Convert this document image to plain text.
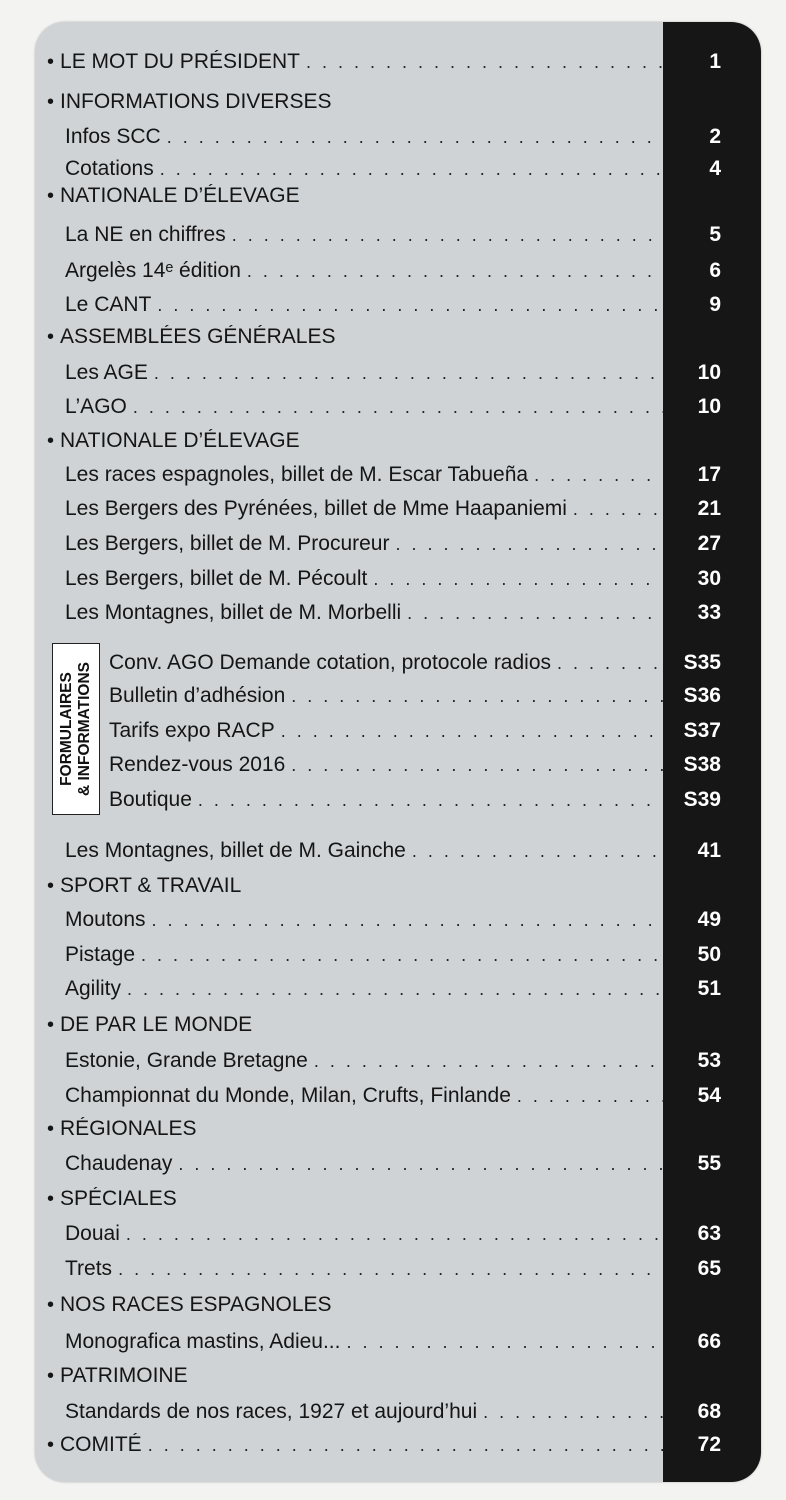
• LE MOT DU PRÉSIDENT . . .	1
• INFORMATIONS DIVERSES
Infos SCC . . .	2
Cotations . . .	4
• NATIONALE D’ÉLEVAGE
La NE en chiffres . . .	5
Argelès 14ᵉ édition . . .	6
Le CANT . . .	9
• ASSEMBLÉES GÉNÉRALES
Les AGE . . .	10
L’AGO . . .	10
• NATIONALE D’ÉLEVAGE
Les races espagnoles, billet de M. Escar Tabueña . . .	17
Les Bergers des Pyrénées, billet de Mme Haapaniemi . . .	21
Les Bergers, billet de M. Procureur . . .	27
Les Bergers, billet de M. Pécoult . . .	30
Les Montagnes, billet de M. Morbelli . . .	33
Conv. AGO Demande cotation, protocole radios . . .	S35
Bulletin d’adhésion . . .	S36
Tarifs expo RACP . . .	S37
Rendez-vous 2016 . . .	S38
Boutique . . .	S39
Les Montagnes, billet de M. Gainche . . .	41
• SPORT & TRAVAIL
Moutons . . .	49
Pistage . . .	50
Agility . . .	51
• DE PAR LE MONDE
Estonie, Grande Bretagne . . .	53
Championnat du Monde, Milan, Crufts, Finlande . . .	54
• RÉGIONALES
Chaudenay . . .	55
• SPÉCIALES
Douai . . .	63
Trets . . .	65
• NOS RACES ESPAGNOLES
Monografica mastins, Adieu... . . .	66
• PATRIMOINE
Standards de nos races, 1927 et aujourd’hui . . .	68
• COMITÉ . . .	72
FORMULAIRES & INFORMATIONS
